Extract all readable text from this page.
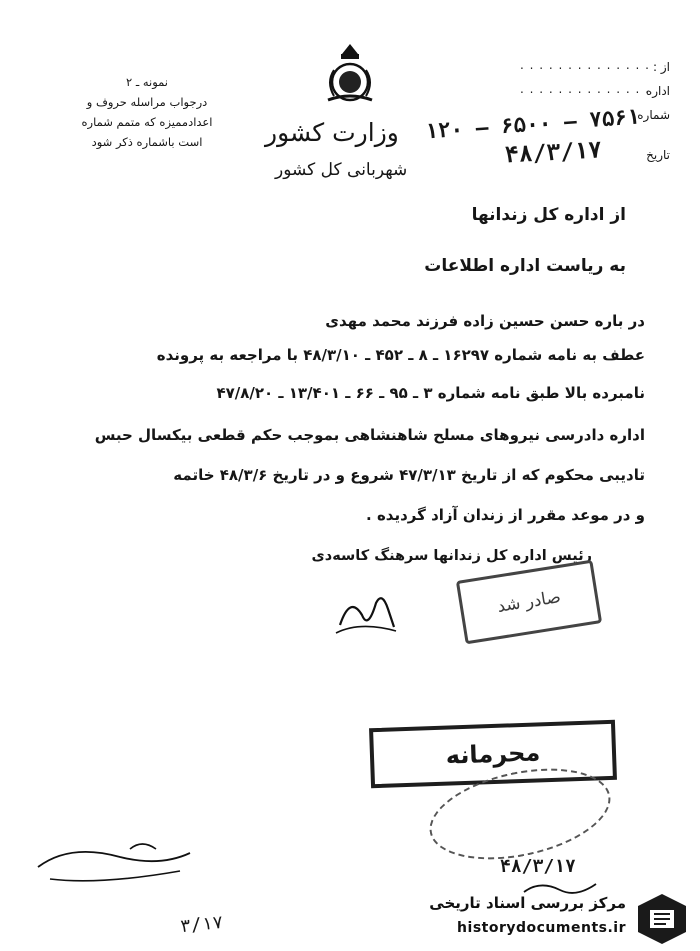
نمونه ـ ۲
درجواب مراسله حروف و
اعدادممیزه که متمم شماره
است باشماره ذکر شود	وزارت کشور
شهربانی کل کشور
از :
اداره
شماره
تاریخ
. . . . . . . . . . . . . .
. . . . . . . . . . . . . .
۱۲۰ – ۶۵۰۰ – ۷۵۶۱
۴۸/۳/۱۷
از اداره کل زندانها
به ریاست اداره اطلاعات
در باره حسن حسین زاده فرزند محمد مهدی
عطف به نامه شماره ۱۶۲۹۷ ـ ۸ ـ ۴۵۲ ـ ۴۸/۳/۱۰ با مراجعه به پرونده
نامبرده بالا طبق نامه شماره ۳ ـ ۹۵ ـ ۶۶ ـ ۱۳/۴۰۱ ـ ۴۷/۸/۲۰
اداره دادرسی نیروهای مسلح شاهنشاهی بموجب حکم قطعی بیکسال حبس
تادیبی محکوم که از تاریخ ۴۷/۳/۱۳ شروع و در تاریخ ۴۸/۳/۶ خاتمه
و در موعد مقرر از زندان آزاد گردیده .
رئیس اداره کل زندانها سرهنگ کاسه‌دی
صادر شد
محرمانه
۴۸/۳/۱۷
۳/۱۷
مرکز بررسی اسناد تاریخی
historydocuments.ir
